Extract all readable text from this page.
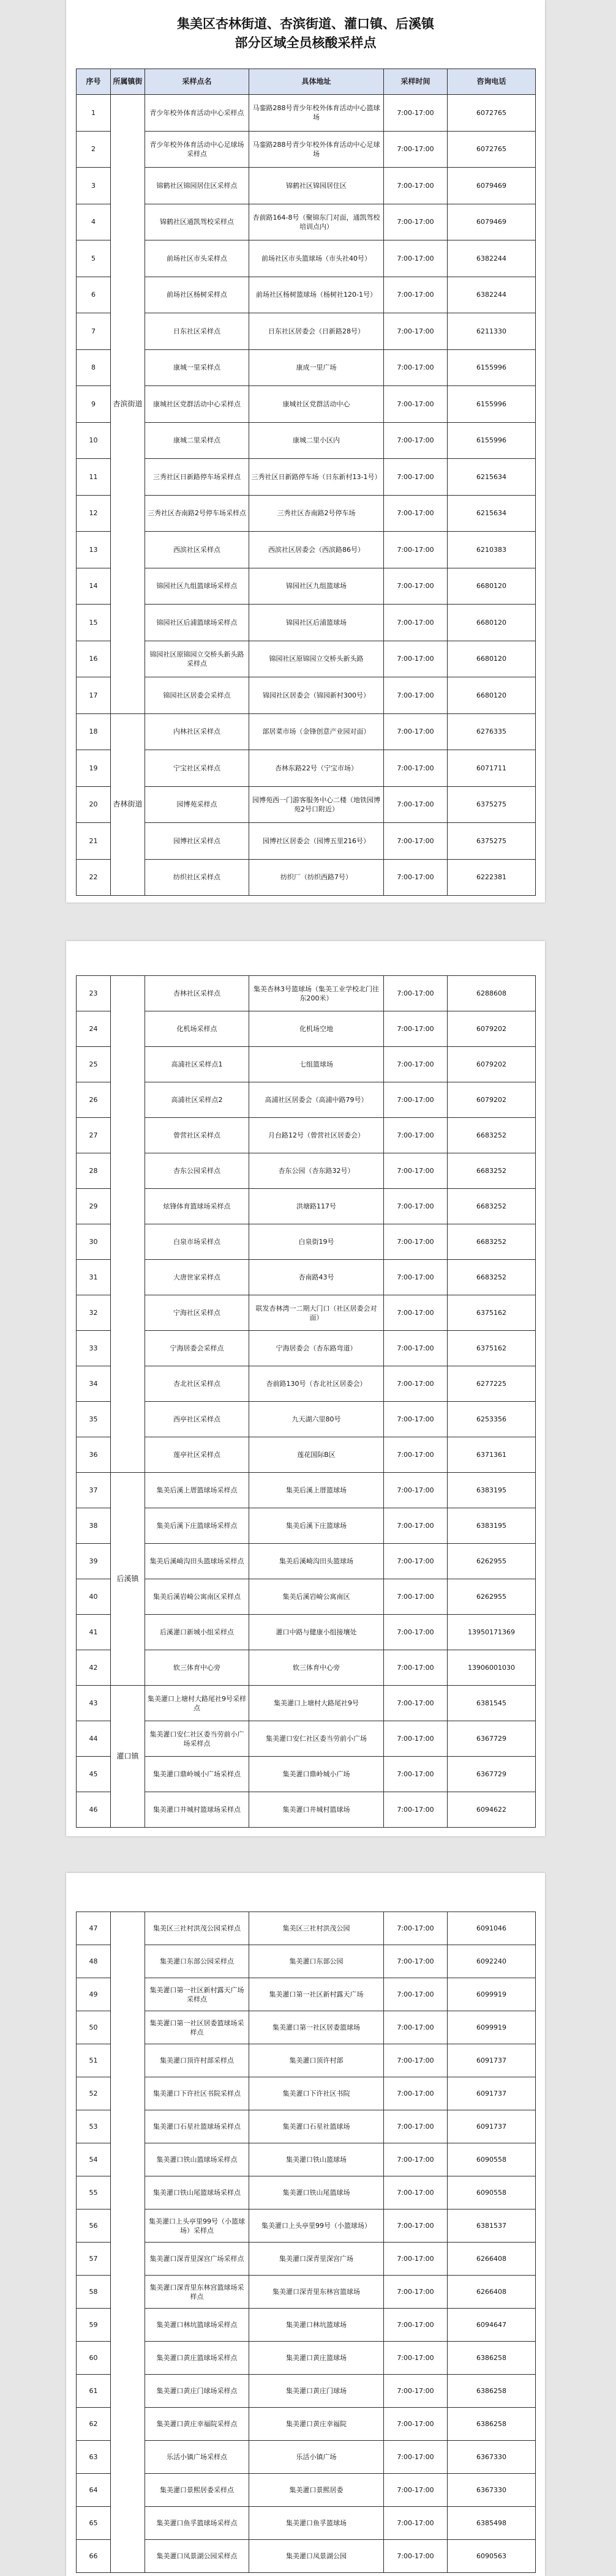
集美区杏林街道、杏滨街道、灌口镇、后溪镇
部分区域全员核酸采样点
序号	所属镇街	采样点名	具体地址	采样时间	咨询电话
1	杏滨街道	青少年校外体育活动中心采样点	马銮路288号青少年校外体育活动中心篮球场	7:00-17:00	6072765
2		青少年校外体育活动中心足球场采样点	马銮路288号青少年校外体育活动中心足球场	7:00-17:00	6072765
3		锦鹤社区锦园居住区采样点	锦鹤社区锦园居住区	7:00-17:00	6079469
4		锦鹤社区通凯驾校采样点	杏前路164-8号（聚锦东门对面，通凯驾校培训点内）	7:00-17:00	6079469
5		前场社区市头采样点	前场社区市头篮球场（市头社40号）	7:00-17:00	6382244
6		前场社区杨树采样点	前场社区杨树篮球场（杨树社120-1号）	7:00-17:00	6382244
7		日东社区采样点	日东社区居委会（日新路28号）	7:00-17:00	6211330
8		康城一里采样点	康成一里广场	7:00-17:00	6155996
9		康城社区党群活动中心采样点	康城社区党群活动中心	7:00-17:00	6155996
10		康城二里采样点	康城二里小区内	7:00-17:00	6155996
11		三秀社区日新路停车场采样点	三秀社区日新路停车场（日东新村13-1号）	7:00-17:00	6215634
12		三秀社区杏南路2号停车场采样点	三秀社区杏南路2号停车场	7:00-17:00	6215634
13		西滨社区采样点	西滨社区居委会（西滨路86号）	7:00-17:00	6210383
14		锦园社区九组篮球场采样点	锦园社区九组篮球场	7:00-17:00	6680120
15		锦园社区后浦篮球场采样点	锦园社区后浦篮球场	7:00-17:00	6680120
16		锦园社区原锦园立交桥头新头路采样点	锦园社区原锦园立交桥头新头路	7:00-17:00	6680120
17		锦园社区居委会采样点	锦园社区居委会（锦园新村300号）	7:00-17:00	6680120
18	杏林街道	内林社区采样点	部居菜市场（金锋创意产业园对面）	7:00-17:00	6276335
19		宁宝社区采样点	杏林东路22号（宁宝市场）	7:00-17:00	6071711
20		园博苑采样点	园博苑西一门游客服务中心二楼（地铁园博苑2号口附近）	7:00-17:00	6375275
21		园博社区采样点	园博社区居委会（园博五里216号）	7:00-17:00	6375275
22		纺织社区采样点	纺织厂（纺织西路7号）	7:00-17:00	6222381
23		杏林社区采样点	集美杏林3号篮球场（集美工业学校北门往东200米）	7:00-17:00	6288608
24		化机场采样点	化机场空地	7:00-17:00	6079202
25		高浦社区采样点1	七组篮球场	7:00-17:00	6079202
26		高浦社区采样点2	高浦社区居委会（高浦中路79号）	7:00-17:00	6079202
27		曾营社区采样点	月台路12号（曾营社区居委会）	7:00-17:00	6683252
28		杏东公园采样点	杏东公园（杏东路32号）	7:00-17:00	6683252
29		炫锋体育篮球场采样点	洪塘路117号	7:00-17:00	6683252
30		白泉市场采样点	白泉街19号	7:00-17:00	6683252
31		大唐世家采样点	杏南路43号	7:00-17:00	6683252
32		宁海社区采样点	联发杏林湾一二期大门口（社区居委会对面）	7:00-17:00	6375162
33		宁海居委会采样点	宁海居委会（杏东路弯道）	7:00-17:00	6375162
34		杏北社区采样点	杏前路130号（杏北社区居委会）	7:00-17:00	6277225
35		西亭社区采样点	九天湖六里80号	7:00-17:00	6253356
36		莲亭社区采样点	莲花国际B区	7:00-17:00	6371361
37	后溪镇	集美后溪上厝篮球场采样点	集美后溪上厝篮球场	7:00-17:00	6383195
38		集美后溪下庄篮球场采样点	集美后溪下庄篮球场	7:00-17:00	6383195
39		集美后溪崎沟田头篮球场采样点	集美后溪崎沟田头篮球场	7:00-17:00	6262955
40		集美后溪岩崎公寓南区采样点	集美后溪岩崎公寓南区	7:00-17:00	6262955
41		后溪灌口新城小组采样点	灌口中路与健康小组接壤处	7:00-17:00	13950171369
42		软三体育中心旁	软三体育中心旁	7:00-17:00	13906001030
43	灌口镇	集美灌口上塘村大路尾社9号采样点	集美灌口上塘村大路尾社9号	7:00-17:00	6381545
44		集美灌口安仁社区委当劳前小广场采样点	集美灌口安仁社区委当劳前小广场	7:00-17:00	6367729
45		集美灌口鼎岭城小广场采样点	集美灌口鼎岭城小广场	7:00-17:00	6367729
46		集美灌口井城村篮球场采样点	集美灌口井城村篮球场	7:00-17:00	6094622
47		集美区三社村洪茂公园采样点	集美区三社村洪茂公园	7:00-17:00	6091046
48		集美灌口东部公园采样点	集美灌口东部公园	7:00-17:00	6092240
49		集美灌口第一社区新村露天广场采样点	集美灌口第一社区新村露天广场	7:00-17:00	6099919
50		集美灌口第一社区居委篮球场采样点	集美灌口第一社区居委篮球场	7:00-17:00	6099919
51		集美灌口顶许村部采样点	集美灌口顶许村部	7:00-17:00	6091737
52		集美灌口下许社区书院采样点	集美灌口下许社区书院	7:00-17:00	6091737
53		集美灌口石星社篮球场采样点	集美灌口石星社篮球场	7:00-17:00	6091737
54		集美灌口铁山篮球场采样点	集美灌口铁山篮球场	7:00-17:00	6090558
55		集美灌口铁山尾篮球场采样点	集美灌口铁山尾篮球场	7:00-17:00	6090558
56		集美灌口上头亭里99号（小篮球场）采样点	集美灌口上头亭里99号（小篮球场）	7:00-17:00	6381537
57		集美灌口深青里深宫广场采样点	集美灌口深青里深宫广场	7:00-17:00	6266408
58		集美灌口深青里东林宫篮球场采样点	集美灌口深青里东林宫篮球场	7:00-17:00	6266408
59		集美灌口林坑篮球场采样点	集美灌口林坑篮球场	7:00-17:00	6094647
60		集美灌口黄庄篮球场采样点	集美灌口黄庄篮球场	7:00-17:00	6386258
61		集美灌口黄庄门球场采样点	集美灌口黄庄门球场	7:00-17:00	6386258
62		集美灌口黄庄幸福院采样点	集美灌口黄庄幸福院	7:00-17:00	6386258
63		乐活小镇广场采样点	乐活小镇广场	7:00-17:00	6367330
64		集美灌口景熙居委采样点	集美灌口景熙居委	7:00-17:00	6367330
65		集美灌口鱼孚篮球场采样点	集美灌口鱼孚篮球场	7:00-17:00	6385498
66		集美灌口凤景湖公园采样点	集美灌口凤景湖公园	7:00-17:00	6090563
